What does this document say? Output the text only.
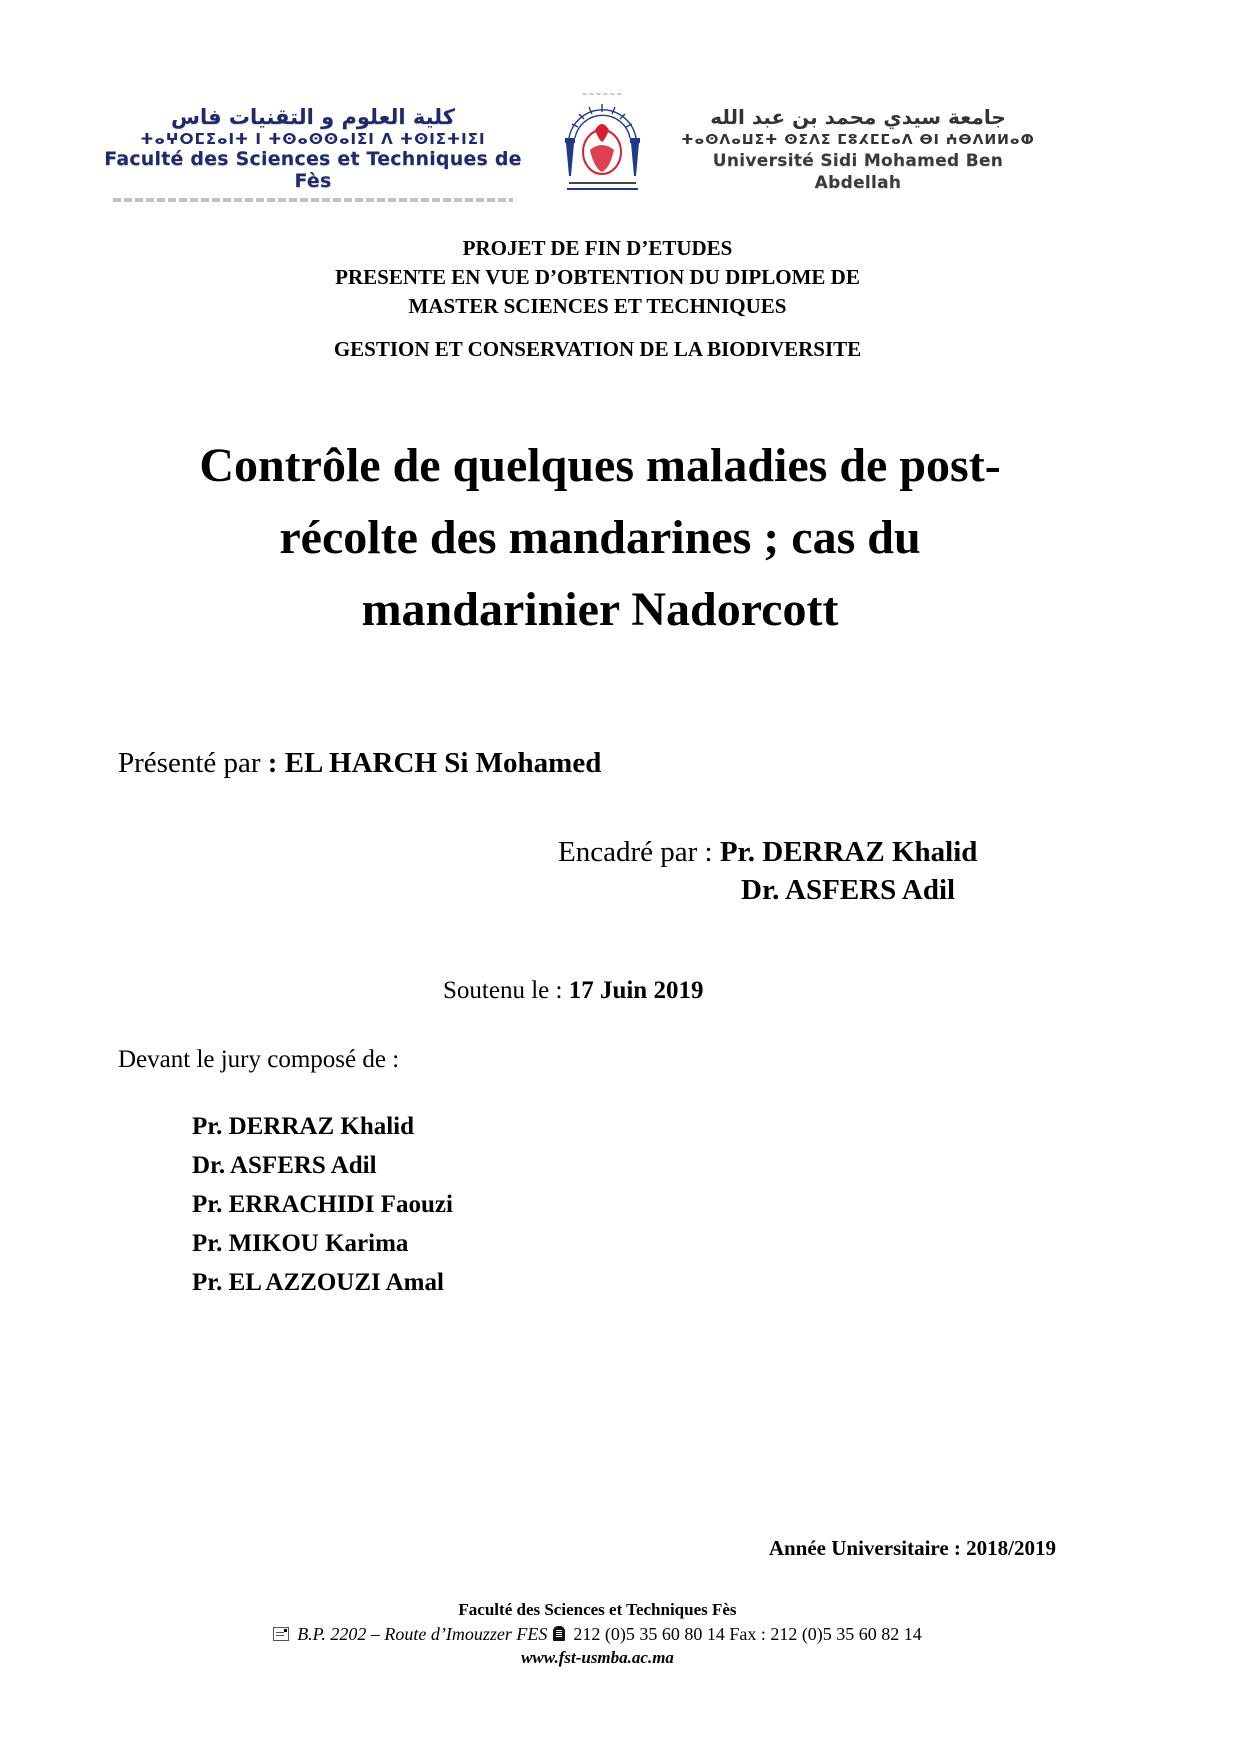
كلية العلوم و التقنيات فاس
ⵜⴰⵖⵔⵎⵉⴰⵏⵜ ⵏ ⵜⵙⴰⵙⵙⴰⵏⵉⵏ ⴷ ⵜⵙⵏⵉⵜⵏⵉⵏ
Faculté des Sciences et Techniques de Fès
~ ~ ~ ~ ~ ~
جامعة سيدي محمد بن عبد الله
ⵜⴰⵙⴷⴰⵡⵉⵜ ⵙⵉⴷⵉ ⵎⵓⵃⵎⵎⴰⴷ ⴱⵏ ⵄⴱⴷⵍⵍⴰⵀ
Université Sidi Mohamed Ben Abdellah
PROJET DE FIN D’ETUDES
PRESENTE EN VUE D’OBTENTION DU DIPLOME DE
MASTER SCIENCES ET TECHNIQUES
GESTION ET CONSERVATION DE LA BIODIVERSITE
Contrôle de quelques maladies de post-
récolte des mandarines ; cas du
mandarinier Nadorcott
Présenté par : EL HARCH Si Mohamed
Encadré par : Pr. DERRAZ Khalid
Dr. ASFERS Adil
Soutenu le : 17 Juin 2019
Devant le jury composé de :
Pr. DERRAZ Khalid
Dr. ASFERS Adil
Pr. ERRACHIDI Faouzi
Pr. MIKOU Karima
Pr. EL AZZOUZI Amal
Année Universitaire : 2018/2019
Faculté des Sciences et Techniques Fès
B.P. 2202 – Route d’Imouzzer FES 212 (0)5 35 60 80 14 Fax : 212 (0)5 35 60 82 14
www.fst-usmba.ac.ma
